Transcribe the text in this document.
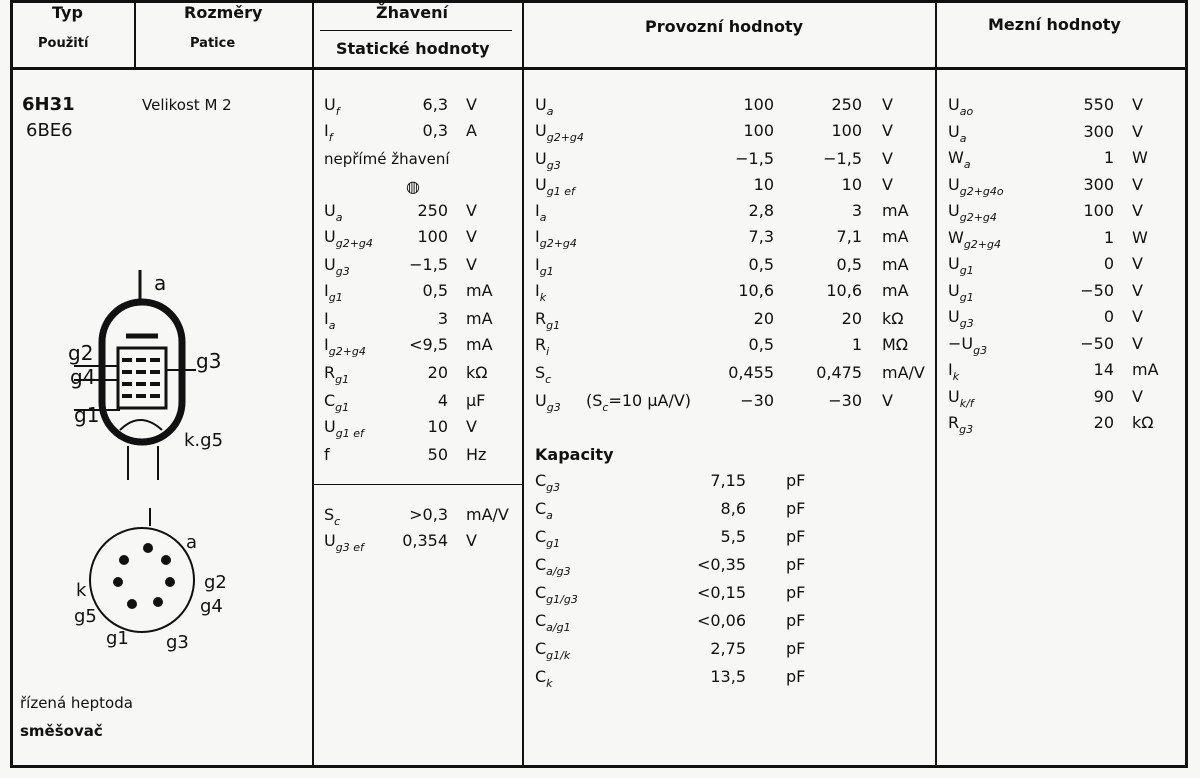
Typ
Použití
Rozměry
Patice
Žhavení
Statické hodnoty
Provozní hodnoty	Mezní hodnoty
6H31
6BE6
Velikost M 2
řízená heptoda
směšovač
a
g2
g4
g3
g1
k.g5
a
k
g5
g2
g4
g1 g3
$U_f$	6,3 V
$I_f$	0,3 A
nepřímé žhavení
◍
$U_a$	250 V
$U_{g2+g4}$	100 V
$U_{g3}$	−1,5 V
$I_{g1}$	0,5 mA
$I_a$	3 mA
$I_{g2+g4}$	<9,5 mA
$R_{g1}$	20 kΩ
$C_{g1}$	4 μF
$U_{g1 ef}$	10 V
f	50 Hz
$S_c$	>0,3 mA/V
$U_{g3 ef}$	0,354 V
$U_a$	100	250 V
$U_{g2+g4}$	100	100 V
$U_{g3}$	−1,5	−1,5 V
$U_{g1 ef}$	10	10 V
$I_a$	2,8	3 mA
$I_{g2+g4}$	7,3	7,1 mA
$I_{g1}$	0,5	0,5 mA
$I_k$	10,6	10,6 mA
$R_{g1}$	20	20 kΩ
$R_i$	0,5	1 MΩ
$S_c$	0,455	0,475 mA/V
$U_{g3}$ ($S_c=10$ μA/V)	−30	−30 V
Kapacity
$C_{g3}$	7,15	pF
$C_a$	8,6	pF
$C_{g1}$	5,5	pF
$C_{a/g3}$	<0,35	pF
$C_{g1/g3}$	<0,15	pF
$C_{a/g1}$	<0,06	pF
$C_{g1/k}$	2,75	pF
$C_k$	13,5	pF
$U_{ao}$	550 V
$U_a$	300 V
$W_a$	1 W
$U_{g2+g4o}$	300 V
$U_{g2+g4}$	100 V
$W_{g2+g4}$	1 W
$U_{g1}$	0 V
$U_{g1}$	−50 V
$U_{g3}$	0 V
$-U_{g3}$	−50 V
$I_k$	14 mA
$U_{k/f}$	90 V
$R_{g3}$	20 kΩ
